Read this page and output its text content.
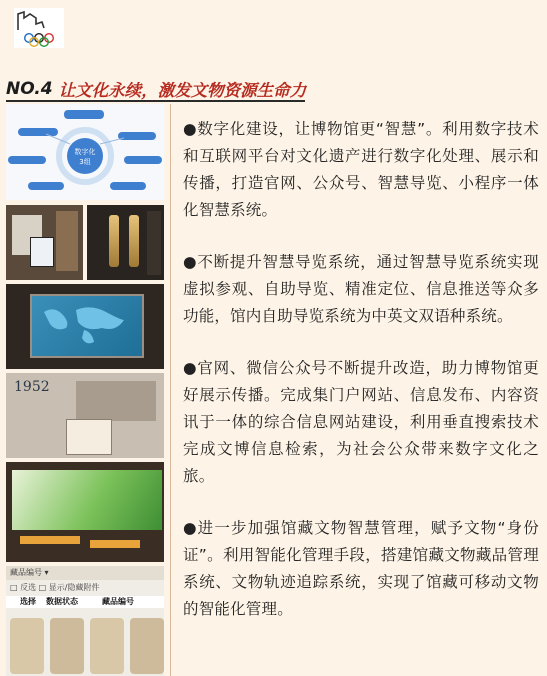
NO.4 让文化永续，激发文物资源生命力
数字化
3组
1952
藏品编号 ▾
□ 反选 □ 显示/隐藏附件
选择 数据状态	藏品编号

●数字化建设，让博物馆更“智慧”。利用数字技术和互联网平台对文化遗产进行数字化处理、展示和传播，打造官网、公众号、智慧导览、小程序一体化智慧系统。

●不断提升智慧导览系统，通过智慧导览系统实现虚拟参观、自助导览、精准定位、信息推送等众多功能，馆内自助导览系统为中英文双语种系统。

●官网、微信公众号不断提升改造，助力博物馆更好展示传播。完成集门户网站、信息发布、内容资讯于一体的综合信息网站建设，利用垂直搜索技术完成文博信息检索，为社会公众带来数字文化之旅。

●进一步加强馆藏文物智慧管理，赋予文物“身份证”。利用智能化管理手段，搭建馆藏文物藏品管理系统、文物轨迹追踪系统，实现了馆藏可移动文物的智能化管理。
